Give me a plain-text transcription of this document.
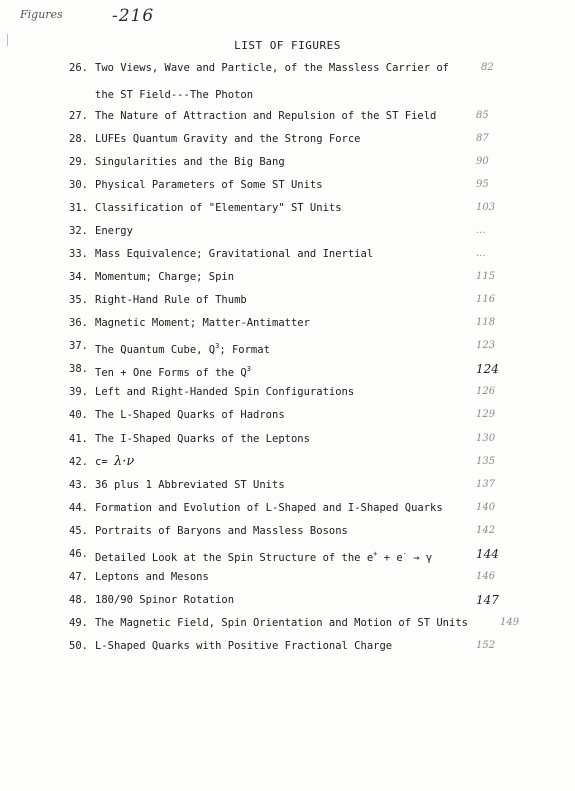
Figures	-216
LIST OF FIGURES
26. Two Views, Wave and Particle, of the Massless Carrier of	82
the ST Field---The Photon
27. The Nature of Attraction and Repulsion of the ST Field	85
28. LUFEs Quantum Gravity and the Strong Force	87
29. Singularities and the Big Bang	90
30. Physical Parameters of Some ST Units	95
31. Classification of "Elementary" ST Units	103
32. Energy	...
33. Mass Equivalence; Gravitational and Inertial	...
34. Momentum; Charge; Spin	115
35. Right-Hand Rule of Thumb	116
36. Magnetic Moment; Matter-Antimatter	118
37. The Quantum Cube, $Q^3$; Format	123
38. Ten + One Forms of the $Q^3$	124
39. Left and Right-Handed Spin Configurations	126
40. The L-Shaped Quarks of Hadrons	129
41. The I-Shaped Quarks of the Leptons	130
42. c= λ·ν	135
43. 36 plus 1 Abbreviated ST Units	137
44. Formation and Evolution of L-Shaped and I-Shaped Quarks	140
45. Portraits of Baryons and Massless Bosons	142
46. Detailed Look at the Spin Structure of the e+ + e- → γ	144
47. Leptons and Mesons	146
48. 180/90 Spinor Rotation	147
49. The Magnetic Field, Spin Orientation and Motion of ST Units	149
50. L-Shaped Quarks with Positive Fractional Charge	152
